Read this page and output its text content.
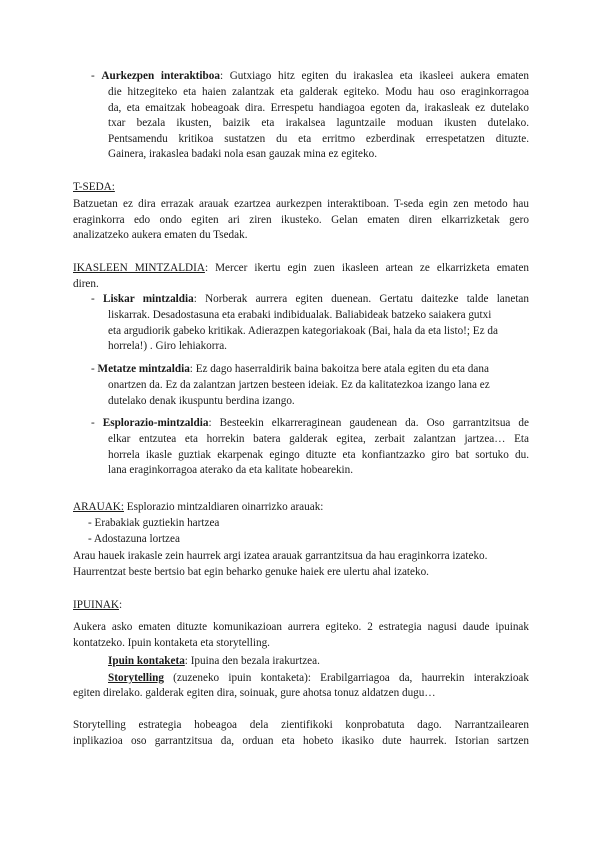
- Aurkezpen interaktiboa: Gutxiago hitz egiten du irakaslea eta ikasleei aukera ematen
die hitzegiteko eta haien zalantzak eta galderak egiteko. Modu hau oso eraginkorragoa
da, eta emaitzak hobeagoak dira. Errespetu handiagoa egoten da, irakasleak ez dutelako
txar bezala ikusten, baizik eta irakalsea laguntzaile moduan ikusten dutelako.
Pentsamendu kritikoa sustatzen du eta erritmo ezberdinak errespetatzen dituzte.
Gainera, irakaslea badaki nola esan gauzak mina ez egiteko.
T-SEDA:
Batzuetan ez dira errazak arauak ezartzea aurkezpen interaktiboan. T-seda egin zen metodo hau
eraginkorra edo ondo egiten ari ziren ikusteko. Gelan ematen diren elkarrizketak gero
analizatzeko aukera ematen du Tsedak.
IKASLEEN MINTZALDIA: Mercer ikertu egin zuen ikasleen artean ze elkarrizketa ematen
diren.
- Liskar mintzaldia: Norberak aurrera egiten duenean. Gertatu daitezke talde lanetan
liskarrak. Desadostasuna eta erabaki indibidualak. Baliabideak batzeko saiakera gutxi
eta argudiorik gabeko kritikak. Adierazpen kategoriakoak (Bai, hala da eta listo!; Ez da
horrela!) . Giro lehiakorra.
- Metatze mintzaldia: Ez dago haserraldirik baina bakoitza bere atala egiten du eta dana
onartzen da. Ez da zalantzan jartzen besteen ideiak. Ez da kalitatezkoa izango lana ez
dutelako denak ikuspuntu berdina izango.
- Esplorazio-mintzaldia: Besteekin elkarreraginean gaudenean da. Oso garrantzitsua de
elkar entzutea eta horrekin batera galderak egitea, zerbait zalantzan jartzea… Eta
horrela ikasle guztiak ekarpenak egingo dituzte eta konfiantzazko giro bat sortuko du.
lana eraginkorragoa aterako da eta kalitate hobearekin.
ARAUAK: Esplorazio mintzaldiaren oinarrizko arauak:
- Erabakiak guztiekin hartzea
- Adostazuna lortzea
Arau hauek irakasle zein haurrek argi izatea arauak garrantzitsua da hau eraginkorra izateko.
Haurrentzat beste bertsio bat egin beharko genuke haiek ere ulertu ahal izateko.
IPUINAK:
Aukera asko ematen dituzte komunikazioan aurrera egiteko. 2 estrategia nagusi daude ipuinak
kontatzeko. Ipuin kontaketa eta storytelling.
Ipuin kontaketa: Ipuina den bezala irakurtzea.
Storytelling (zuzeneko ipuin kontaketa): Erabilgarriagoa da, haurrekin interakzioak
egiten direlako. galderak egiten dira, soinuak, gure ahotsa tonuz aldatzen dugu…
Storytelling estrategia hobeagoa dela zientifikoki konprobatuta dago. Narrantzailearen
inplikazioa oso garrantzitsua da, orduan eta hobeto ikasiko dute haurrek. Istorian sartzen
